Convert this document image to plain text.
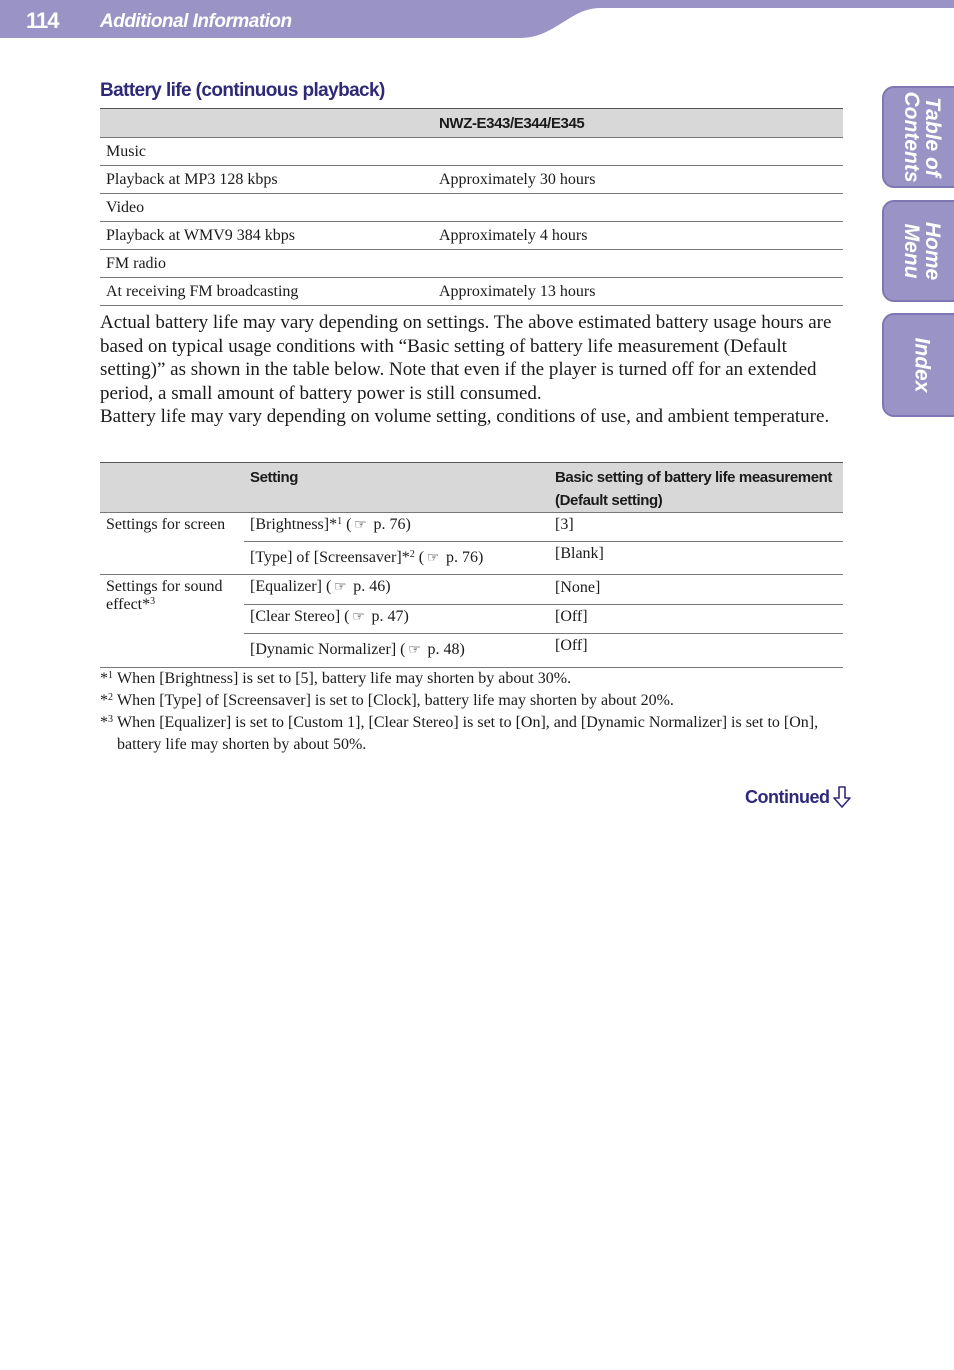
114 Additional Information
Table of
Contents
Home
Menu
Index
Battery life (continuous playback)
	NWZ-E343/E344/E345
Music	
Playback at MP3 128 kbps	Approximately 30 hours
Video	
Playback at WMV9 384 kbps	Approximately 4 hours
FM radio	
At receiving FM broadcasting	Approximately 13 hours

Actual battery life may vary depending on settings. The above estimated battery usage hours are based on typical usage conditions with “Basic setting of battery life measurement (Default setting)” as shown in the table below. Note that even if the player is turned off for an extended period, a small amount of battery power is still consumed.

Battery life may vary depending on volume setting, conditions of use, and ambient temperature.

	Setting	Basic setting of battery life measurement (Default setting)
Settings for screen	[Brightness]*$^1$ ( ☞ p. 76)	[3]
	[Type] of [Screensaver]*$^2$ ( ☞ p. 76)	[Blank]
Settings for sound effect*$^3$	[Equalizer] ( ☞ p. 46)	[None]
	[Clear Stereo] ( ☞ p. 47)	[Off]
	[Dynamic Normalizer] ( ☞ p. 48)	[Off]
*$^1$ When [Brightness] is set to [5], battery life may shorten by about 30%.
*$^2$ When [Type] of [Screensaver] is set to [Clock], battery life may shorten by about 20%.
*$^3$ When [Equalizer] is set to [Custom 1], [Clear Stereo] is set to [On], and [Dynamic Normalizer] is set to [On], battery life may shorten by about 50%.
Continued
